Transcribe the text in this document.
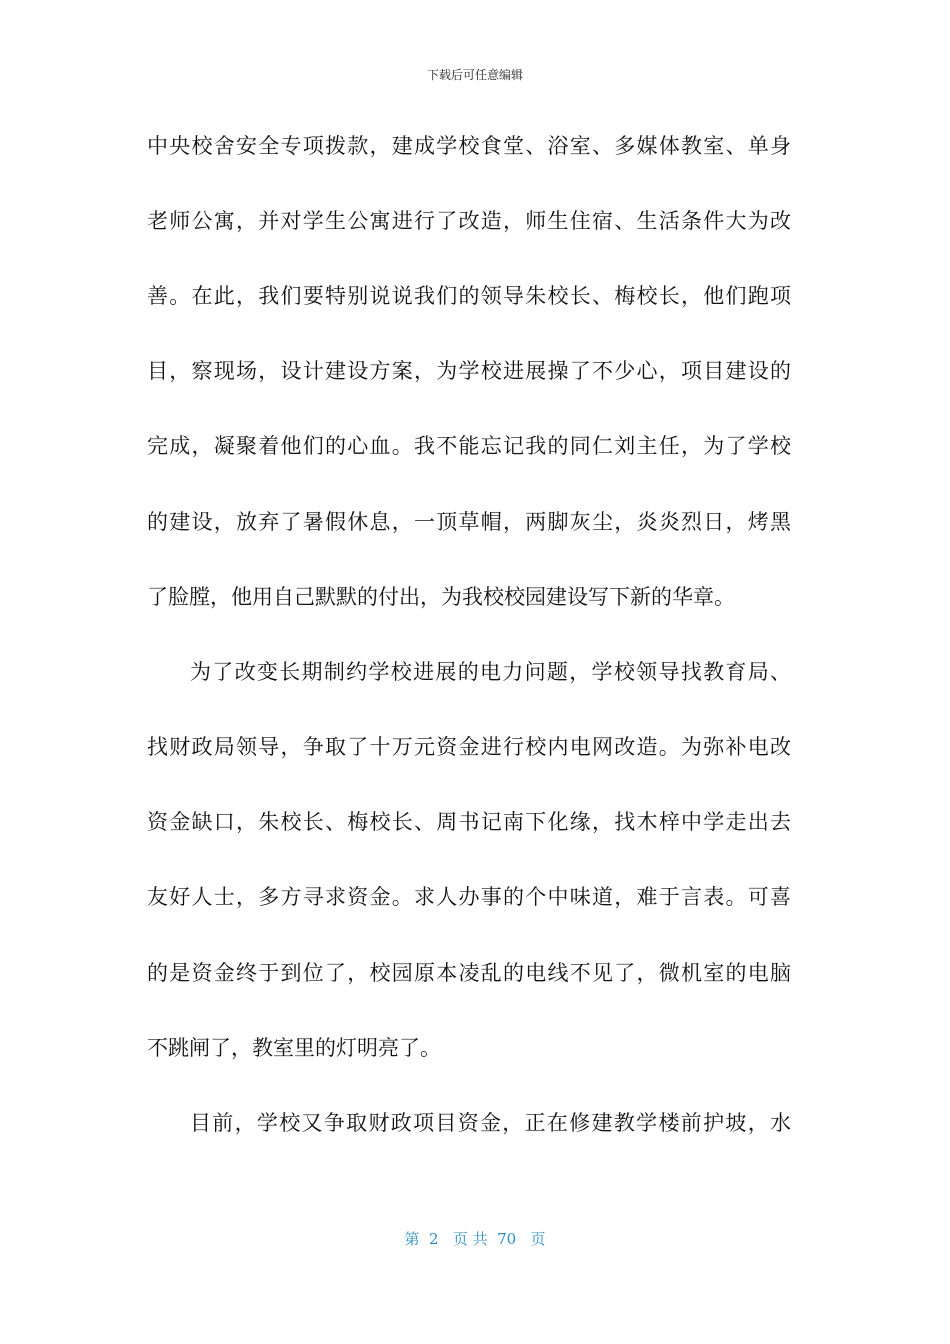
下载后可任意编辑
中央校舍安全专项拨款，建成学校食堂、浴室、多媒体教室、单身
老师公寓，并对学生公寓进行了改造，师生住宿、生活条件大为改
善。在此，我们要特别说说我们的领导朱校长、梅校长，他们跑项
目，察现场，设计建设方案，为学校进展操了不少心，项目建设的
完成，凝聚着他们的心血。我不能忘记我的同仁刘主任，为了学校
的建设，放弃了暑假休息，一顶草帽，两脚灰尘，炎炎烈日，烤黑
了脸膛，他用自己默默的付出，为我校校园建设写下新的华章。
为了改变长期制约学校进展的电力问题，学校领导找教育局、
找财政局领导，争取了十万元资金进行校内电网改造。为弥补电改
资金缺口，朱校长、梅校长、周书记南下化缘，找木梓中学走出去
友好人士，多方寻求资金。求人办事的个中味道，难于言表。可喜
的是资金终于到位了，校园原本凌乱的电线不见了，微机室的电脑
不跳闸了，教室里的灯明亮了。
目前，学校又争取财政项目资金，正在修建教学楼前护坡，水
第  2   页 共  70   页
